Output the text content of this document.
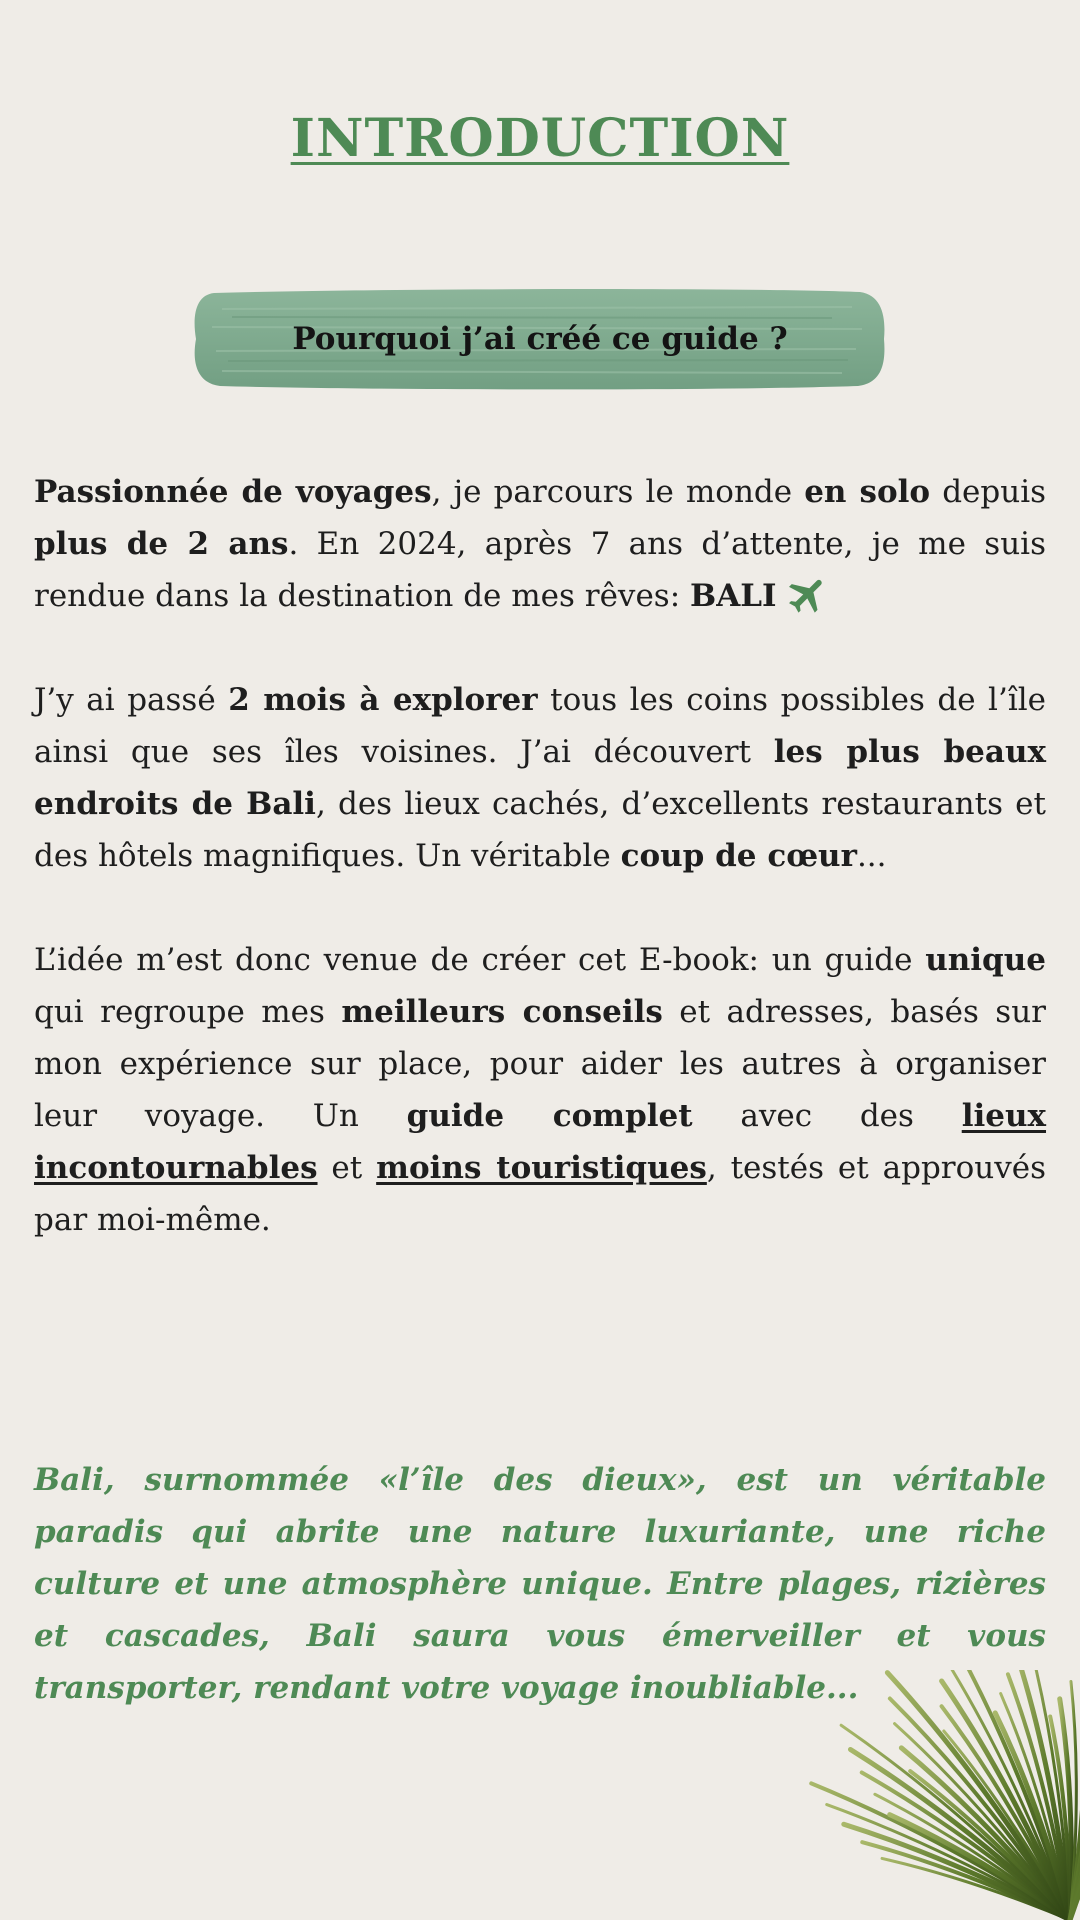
INTRODUCTION

Pourquoi j’ai créé ce guide ?

Passionnée de voyages, je parcours le monde en solo depuis plus de 2 ans. En 2024, après 7 ans d’attente, je me suis rendue dans la destination de mes rêves: BALI

J’y ai passé 2 mois à explorer tous les coins possibles de l’île ainsi que ses îles voisines. J’ai découvert les plus beaux endroits de Bali, des lieux cachés, d’excellents restaurants et des hôtels magnifiques. Un véritable coup de cœur...

L’idée m’est donc venue de créer cet E-book: un guide unique qui regroupe mes meilleurs conseils et adresses, basés sur mon expérience sur place, pour aider les autres à organiser leur voyage. Un guide complet avec des lieux incontournables et moins touristiques, testés et approuvés par moi-même.

Bali, surnommée «l’île des dieux», est un véritable paradis qui abrite une nature luxuriante, une riche culture et une atmosphère unique. Entre plages, rizières et cascades, Bali saura vous émerveiller et vous transporter, rendant votre voyage inoubliable...
